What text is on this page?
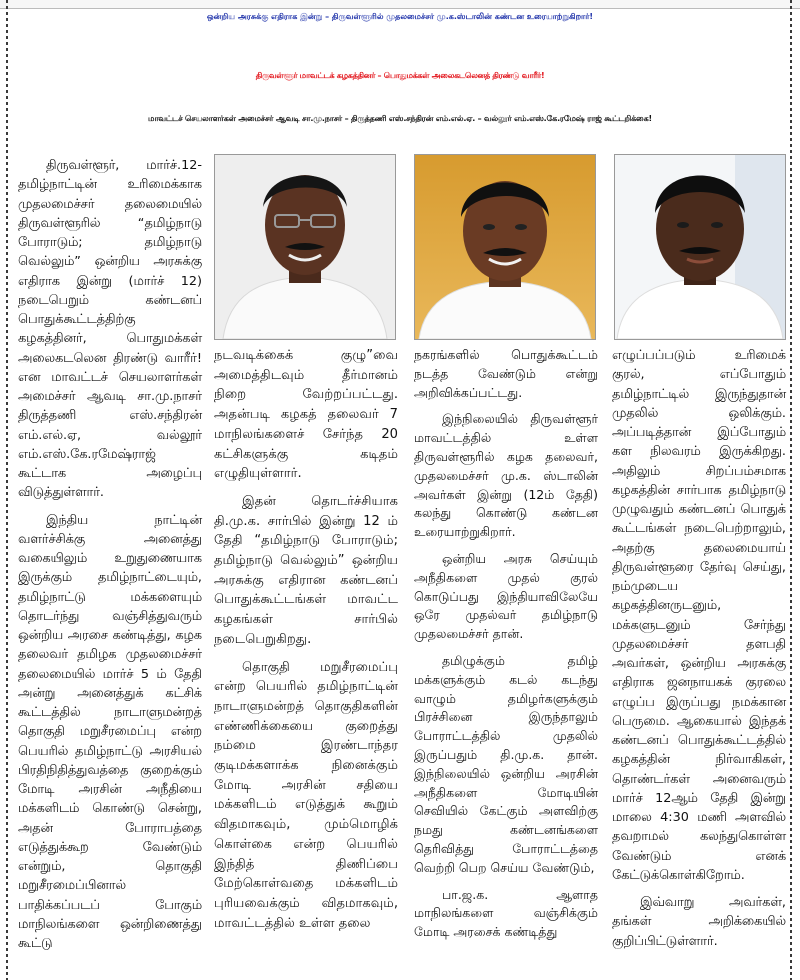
ஒன்றிய அரசுக்கு எதிராக இன்று – திருவள்ளூரில் முதலமைச்சர் மு.க.ஸ்டாலின் கண்டன உரையாற்றுகிறார்!
திருவள்ளூர் மாவட்டக் கழகத்தினர் – பொதுமக்கள் அலைகடலெனத் திரண்டு வாரீர்!
மாவட்டச் செயலாளர்கள் அமைச்சர் ஆவடி சா.மு.நாசர் – திருத்தணி எஸ்.சந்திரன் எம்.எல்.ஏ. – வல்லூர் எம்.எஸ்.கே.ரமேஷ் ராஜ் கூட்டறிக்கை!

திருவள்ளூர், மார்ச்.12- தமிழ்நாட்டின் உரிமைக்காக முதலமைச்சர் தலைமையில் திருவள்ளூரில் “தமிழ்நாடு போராடும்; தமிழ்நாடு வெல்லும்” ஒன்றிய அரசுக்கு எதிராக இன்று (மார்ச் 12) நடைபெறும் கண்டனப் பொதுக்கூட்டத்திற்கு கழகத்தினர், பொதுமக்கள் அலைகடலென திரண்டு வாரீர்! என மாவட்டச் செயலாளர்கள் அமைச்சர் ஆவடி சா.மு.நாசர் திருத்தணி எஸ்.சந்திரன் எம்.எல்.ஏ, வல்லூர் எம்.எஸ்.கே.ரமேஷ்ராஜ் கூட்டாக அழைப்பு விடுத்துள்ளார்.

இந்திய நாட்டின் வளர்ச்சிக்கு அனைத்து வகையிலும் உறுதுணையாக இருக்கும் தமிழ்நாட்டையும், தமிழ்நாட்டு மக்களையும் தொடர்ந்து வஞ்சித்துவரும் ஒன்றிய அரசை கண்டித்து, கழக தலைவர் தமிழக முதலமைச்சர் தலைமையில் மார்ச் 5 ம் தேதி அன்று அனைத்துக் கட்சிக் கூட்டத்தில் நாடாளுமன்றத் தொகுதி மறுசீரமைப்பு என்ற பெயரில் தமிழ்நாட்டு அரசியல் பிரதிநிதித்துவத்தை குறைக்கும் மோடி அரசின் அநீதியை மக்களிடம் கொண்டு சென்று, அதன் போராபத்தை எடுத்துக்கூற வேண்டும் என்றும், தொகுதி மறுசீரமைப்பினால் பாதிக்கப்படப் போகும் மாநிலங்களை ஒன்றிணைத்து கூட்டு

நடவடிக்கைக் குழு”வை அமைத்திடவும் தீர்மானம் நிறை வேற்றப்பட்டது. அதன்படி கழகத் தலைவர் 7 மாநிலங்களைச் சேர்ந்த 20 கட்சிகளுக்கு கடிதம் எழுதியுள்ளார்.

இதன் தொடர்ச்சியாக தி.மு.க. சார்பில் இன்று 12 ம் தேதி “தமிழ்நாடு போராடும்; தமிழ்நாடு வெல்லும்” ஒன்றிய அரசுக்கு எதிரான கண்டனப் பொதுக்கூட்டங்கள் மாவட்ட கழகங்கள் சார்பில் நடைபெறுகிறது.

தொகுதி மறுசீரமைப்பு என்ற பெயரில் தமிழ்நாட்டின் நாடாளுமன்றத் தொகுதிகளின் எண்ணிக்கையை குறைத்து நம்மை இரண்டாந்தர குடிமக்களாக்க நினைக்கும் மோடி அரசின் சதியை மக்களிடம் எடுத்துக் கூறும் விதமாகவும், மும்மொழிக் கொள்கை என்ற பெயரில் இந்தித் திணிப்பை மேற்கொள்வதை மக்களிடம் புரியவைக்கும் விதமாகவும், மாவட்டத்தில் உள்ள தலை

நகரங்களில் பொதுக்கூட்டம் நடத்த வேண்டும் என்று அறிவிக்கப்பட்டது.

இந்நிலையில் திருவள்ளூர் மாவட்டத்தில் உள்ள திருவள்ளூரில் கழக தலைவர், முதலமைச்சர் மு.க. ஸ்டாலின் அவர்கள் இன்று (12ம் தேதி) கலந்து கொண்டு கண்டன உரையாற்றுகிறார்.

ஒன்றிய அரசு செய்யும் அநீதிகளை முதல் குரல் கொடுப்பது இந்தியாவிலேயே ஒரே முதல்வர் தமிழ்நாடு முதலமைச்சர் தான்.

தமிழுக்கும் தமிழ் மக்களுக்கும் கடல் கடந்து வாழும் தமிழர்களுக்கும் பிரச்சினை இருந்தாலும் போராட்டத்தில் முதலில் இருப்பதும் தி.மு.க. தான். இந்நிலையில் ஒன்றிய அரசின் அநீதிகளை மோடியின் செவியில் கேட்கும் அளவிற்கு நமது கண்டனங்களை தெரிவித்து போராட்டத்தை வெற்றி பெற செய்ய வேண்டும்,

பா.ஜ.க. ஆளாத மாநிலங்களை வஞ்சிக்கும் மோடி அரசைக் கண்டித்து

எழுப்பப்படும் உரிமைக் குரல், எப்போதும் தமிழ்நாட்டில் இருந்துதான் முதலில் ஒலிக்கும். அப்படித்தான் இப்போதும் கள நிலவரம் இருக்கிறது. அதிலும் சிறப்பம்சமாக கழகத்தின் சார்பாக தமிழ்நாடு முழுவதும் கண்டனப் பொதுக் கூட்டங்கள் நடைபெற்றாலும், அதற்கு தலைமையாய் திருவள்ளூரை தேர்வு செய்து, நம்முடைய கழகத்தினருடனும், மக்களுடனும் சேர்ந்து முதலமைச்சர் தளபதி அவர்கள், ஒன்றிய அரசுக்கு எதிராக ஜனநாயகக் குரலை எழுப்ப இருப்பது நமக்கான பெருமை. ஆகையால் இந்தக் கண்டனப் பொதுக்கூட்டத்தில் கழகத்தின் நிர்வாகிகள், தொண்டர்கள் அனைவரும் மார்ச் 12ஆம் தேதி இன்று மாலை 4:30 மணி அளவில் தவறாமல் கலந்துகொள்ள வேண்டும் எனக் கேட்டுக்கொள்கிறோம்.

இவ்வாறு அவர்கள், தங்கள் அறிக்கையில் குறிப்பிட்டுள்ளார்.
